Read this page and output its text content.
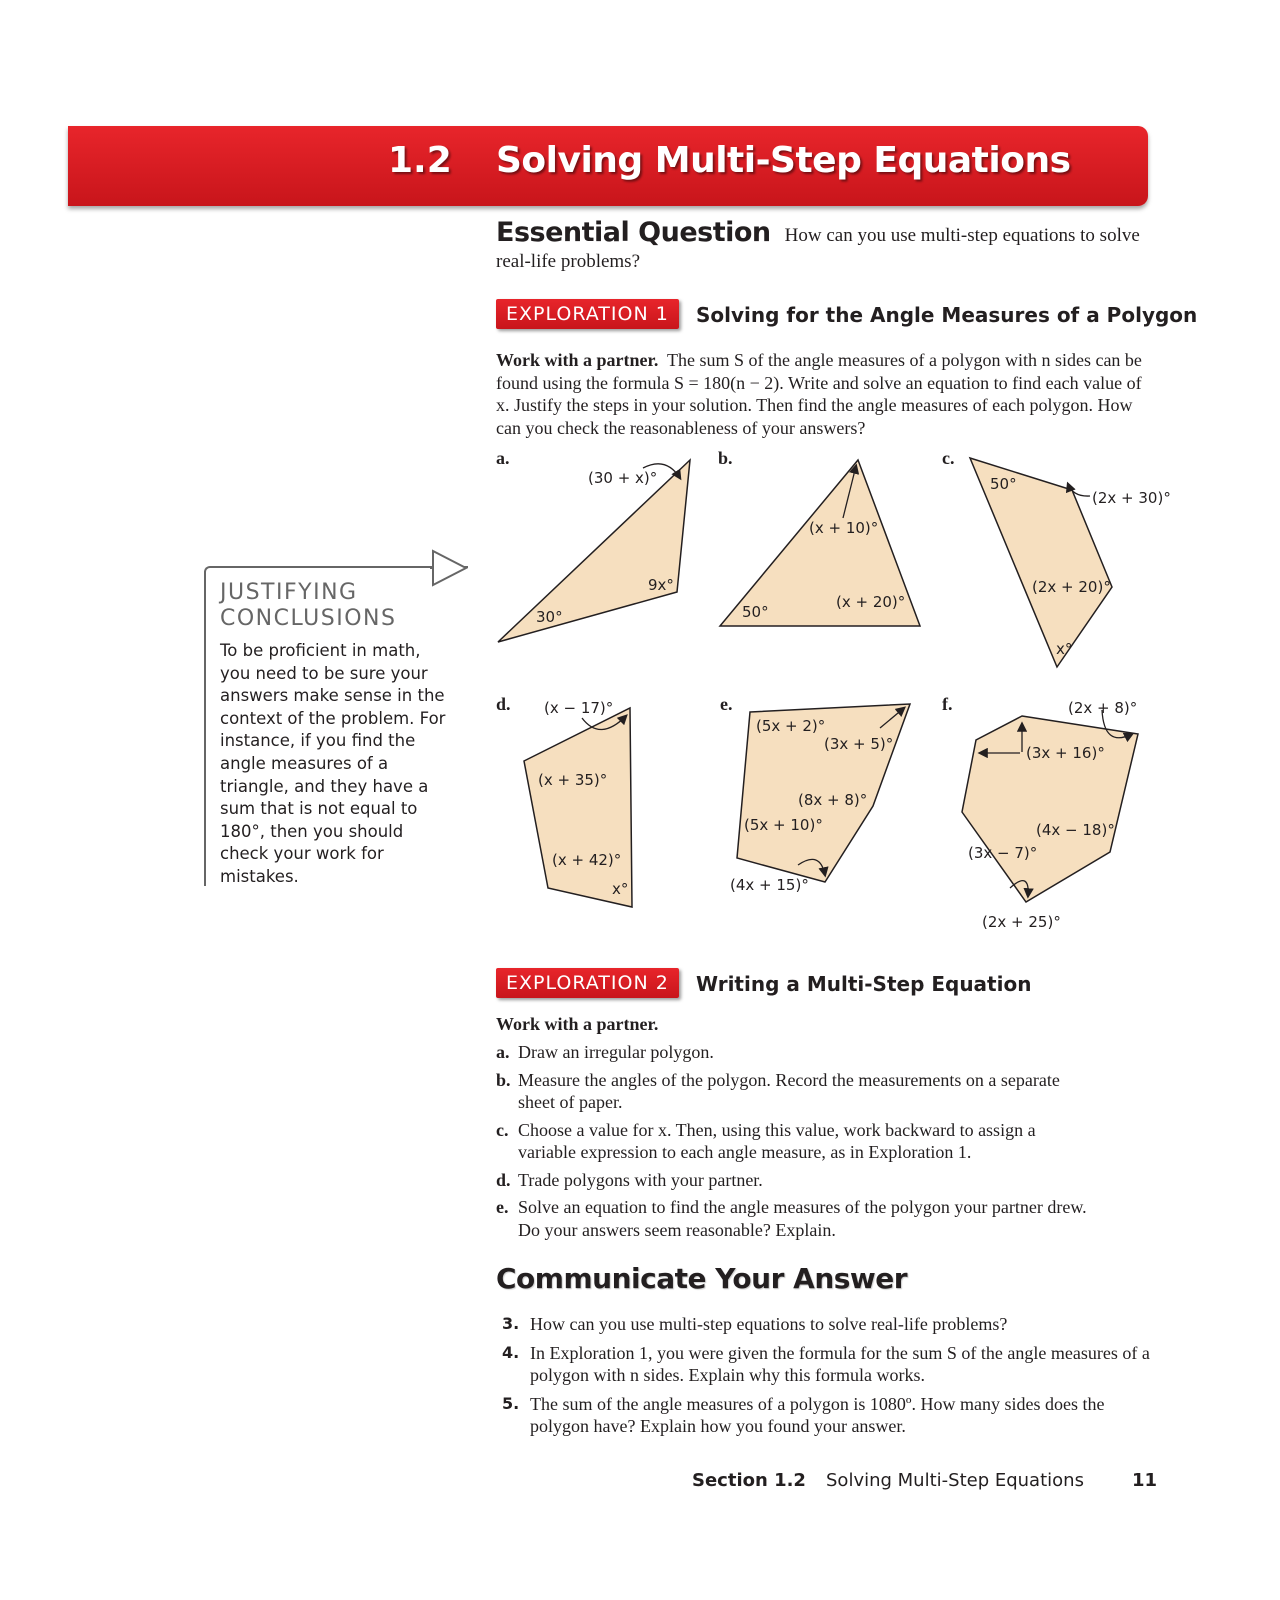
1.2 Solving Multi-Step Equations
Essential Question How can you use multi-step equations to solve real-life problems?
EXPLORATION 1	Solving for the Angle Measures of a Polygon
Work with a partner. The sum S of the angle measures of a polygon with n sides can be found using the formula S = 180(n − 2). Write and solve an equation to find each value of x. Justify the steps in your solution. Then find the angle measures of each polygon. How can you check the reasonableness of your answers?
JUSTIFYING CONCLUSIONS
To be proficient in math, you need to be sure your answers make sense in the context of the problem. For instance, if you find the angle measures of a triangle, and they have a sum that is not equal to 180°, then you should check your work for mistakes.
a.
(30 + x)°
9x°
30°
b.
(x + 10)°
50°
(x + 20)°
c.
50°
(2x + 30)°
(2x + 20)°
x°
d. (x − 17)°
(x + 35)°
(x + 42)°
x°
e.
(5x + 2)°
(3x + 5)°
(8x + 8)°
(5x + 10)°
(4x + 15)°
f.	(2x + 8)°
(3x + 16)°
(4x − 18)°
(3x − 7)°
(2x + 25)°
EXPLORATION 2	Writing a Multi-Step Equation
Work with a partner.
a. Draw an irregular polygon.
b. Measure the angles of the polygon. Record the measurements on a separate sheet of paper.
c. Choose a value for x. Then, using this value, work backward to assign a variable expression to each angle measure, as in Exploration 1.
d. Trade polygons with your partner.
e. Solve an equation to find the angle measures of the polygon your partner drew. Do your answers seem reasonable? Explain.
Communicate Your Answer
3. How can you use multi-step equations to solve real-life problems?
4. In Exploration 1, you were given the formula for the sum S of the angle measures of a polygon with n sides. Explain why this formula works.
5. The sum of the angle measures of a polygon is 1080º. How many sides does the polygon have? Explain how you found your answer.
Section 1.2 Solving Multi-Step Equations	11
